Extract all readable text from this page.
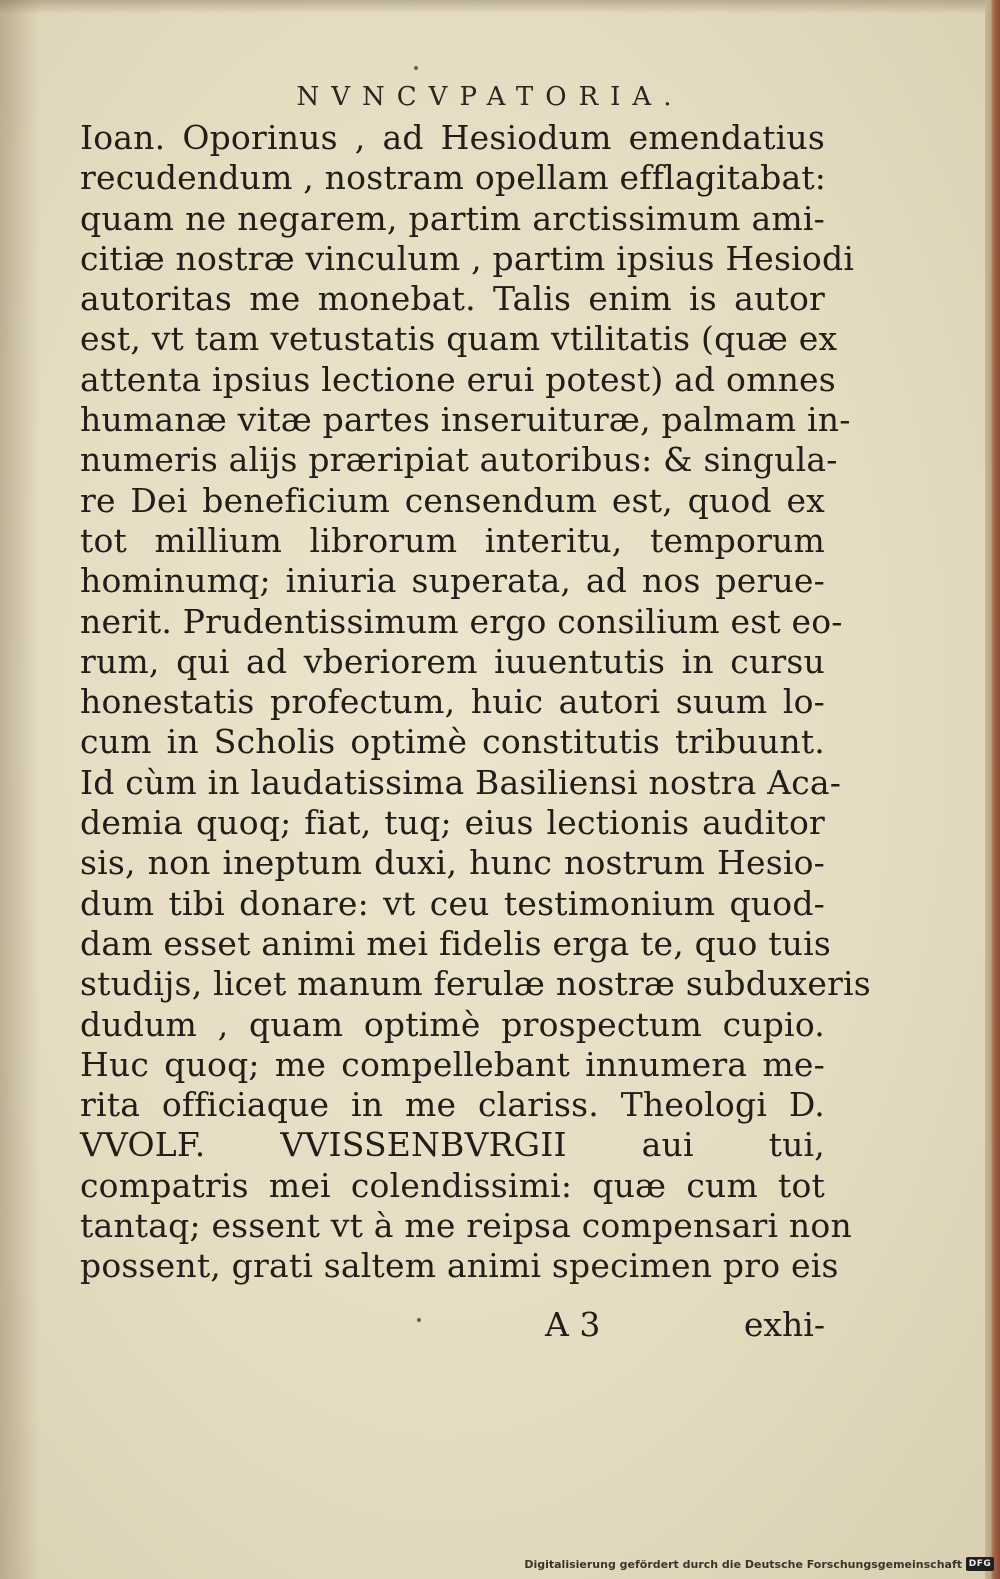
NVNCVPATORIA.
Ioan. Oporinus , ad Hesiodum emendatius
recudendum , nostram opellam efflagitabat:
quam ne negarem, partim arctissimum ami-
citiæ nostræ vinculum , partim ipsius Hesiodi
autoritas me monebat. Talis enim is autor
est, vt tam vetustatis quam vtilitatis (quæ ex
attenta ipsius lectione erui potest) ad omnes
humanæ vitæ partes inseruituræ, palmam in-
numeris alijs præripiat autoribus: & singula-
re Dei beneficium censendum est, quod ex
tot millium librorum interitu, temporum
hominumq; iniuria superata, ad nos perue-
nerit. Prudentissimum ergo consilium est eo-
rum, qui ad vberiorem iuuentutis in cursu
honestatis profectum, huic autori suum lo-
cum in Scholis optimè constitutis tribuunt.
Id cùm in laudatissima Basiliensi nostra Aca-
demia quoq; fiat, tuq; eius lectionis auditor
sis, non ineptum duxi, hunc nostrum Hesio-
dum tibi donare: vt ceu testimonium quod-
dam esset animi mei fidelis erga te, quo tuis
studijs, licet manum ferulæ nostræ subduxeris
dudum , quam optimè prospectum cupio.
Huc quoq; me compellebant innumera me-
rita officiaque in me clariss. Theologi D.
VVOLF. VVISSENBVRGII aui tui,
compatris mei colendissimi: quæ cum tot
tantaq; essent vt à me reipsa compensari non
possent, grati saltem animi specimen pro eis
A 3	exhi-
Digitalisierung gefördert durch die Deutsche Forschungsgemeinschaft DFG
